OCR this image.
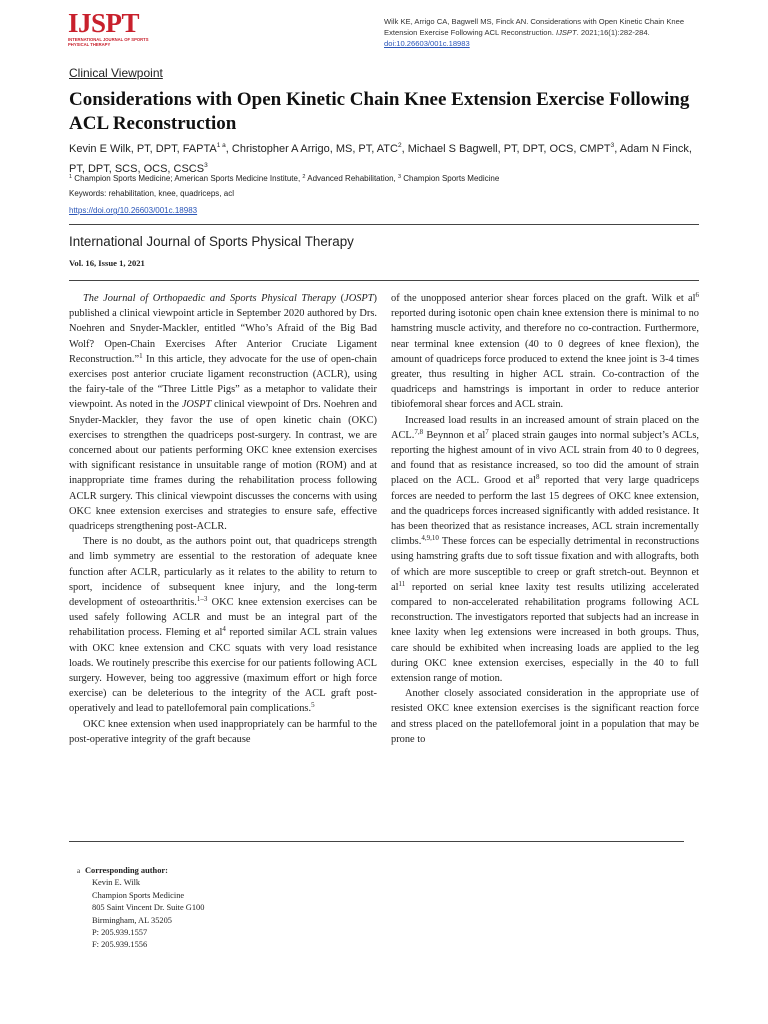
IJSPT
INTERNATIONAL JOURNAL OF SPORTS PHYSICAL THERAPY
Wilk KE, Arrigo CA, Bagwell MS, Finck AN. Considerations with Open Kinetic Chain Knee
Extension Exercise Following ACL Reconstruction. IJSPT. 2021;16(1):282-284.
doi:10.26603/001c.18983
Clinical Viewpoint
Considerations with Open Kinetic Chain Knee Extension Exercise Following ACL Reconstruction
Kevin E Wilk, PT, DPT, $FAPTA^{1 a}$, Christopher A Arrigo, MS, PT, ATC$^2$, Michael S Bagwell, PT, DPT, OCS, CMPT$^3$, Adam N Finck, PT, DPT, SCS, OCS, CSCS$^3$
$^1$ Champion Sports Medicine; American Sports Medicine Institute, $^2$ Advanced Rehabilitation, $^3$ Champion Sports Medicine
Keywords: rehabilitation, knee, quadriceps, acl
https://doi.org/10.26603/001c.18983
International Journal of Sports Physical Therapy
Vol. 16, Issue 1, 2021

The Journal of Orthopaedic and Sports Physical Therapy (JOSPT) published a clinical viewpoint article in September 2020 authored by Drs. Noehren and Snyder-Mackler, entitled “Who’s Afraid of the Big Bad Wolf? Open-Chain Exercises After Anterior Cruciate Ligament Reconstruction.”$^1$ In this article, they advocate for the use of open-chain exercises post anterior cruciate ligament reconstruction (ACLR), using the fairy-tale of the “Three Little Pigs” as a metaphor to validate their viewpoint. As noted in the JOSPT clinical viewpoint of Drs. Noehren and Snyder-Mackler, they favor the use of open kinetic chain (OKC) exercises to strengthen the quadriceps post-surgery. In contrast, we are concerned about our patients performing OKC knee extension exercises with significant resistance in unsuitable range of motion (ROM) and at inappropriate time frames during the rehabilitation process following ACLR surgery. This clinical viewpoint discusses the concerns with using OKC knee extension exercises and strategies to ensure safe, effective quadriceps strengthening post-ACLR.

There is no doubt, as the authors point out, that quadriceps strength and limb symmetry are essential to the restoration of adequate knee function after ACLR, particularly as it relates to the ability to return to sport, incidence of subsequent knee injury, and the long-term development of osteoarthritis.$^{1-3}$ OKC knee extension exercises can be used safely following ACLR and must be an integral part of the rehabilitation process. Fleming et $al^4$ reported similar ACL strain values with OKC knee extension and CKC squats with very load resistance loads. We routinely prescribe this exercise for our patients following ACL surgery. However, being too aggressive (maximum effort or high force exercise) can be deleterious to the integrity of the ACL graft post-operatively and lead to patellofemoral pain complications.$^5$

OKC knee extension when used inappropriately can be harmful to the post-operative integrity of the graft because

of the unopposed anterior shear forces placed on the graft. Wilk et $al^6$ reported during isotonic open chain knee extension there is minimal to no hamstring muscle activity, and therefore no co-contraction. Furthermore, near terminal knee extension (40 to 0 degrees of knee flexion), the amount of quadriceps force produced to extend the knee joint is 3-4 times greater, thus resulting in higher ACL strain. Co-contraction of the quadriceps and hamstrings is important in order to reduce anterior tibiofemoral shear forces and ACL strain.

Increased load results in an increased amount of strain placed on the ACL.$^{7,8}$ Beynnon et $al^7$ placed strain gauges into normal subject’s ACLs, reporting the highest amount of in vivo ACL strain from 40 to 0 degrees, and found that as resistance increased, so too did the amount of strain placed on the ACL. Grood et $al^8$ reported that very large quadriceps forces are needed to perform the last 15 degrees of OKC knee extension, and the quadriceps forces increased significantly with added resistance. It has been theorized that as resistance increases, ACL strain incrementally climbs.$^{4,9,10}$ These forces can be especially detrimental in reconstructions using hamstring grafts due to soft tissue fixation and with allografts, both of which are more susceptible to creep or graft stretch-out. Beynnon et $al^{11}$ reported on serial knee laxity test results utilizing accelerated compared to non-accelerated rehabilitation programs following ACL reconstruction. The investigators reported that subjects had an increase in knee laxity when leg extensions were increased in both groups. Thus, care should be exhibited when increasing loads are applied to the leg during OKC knee extension exercises, especially in the 40 to full extension range of motion.

Another closely associated consideration in the appropriate use of resisted OKC knee extension exercises is the significant reaction force and stress placed on the patellofemoral joint in a population that may be prone to

a Corresponding author:
Kevin E. Wilk
Champion Sports Medicine
805 Saint Vincent Dr. Suite G100
Birmingham, AL 35205
P: 205.939.1557
F: 205.939.1556
